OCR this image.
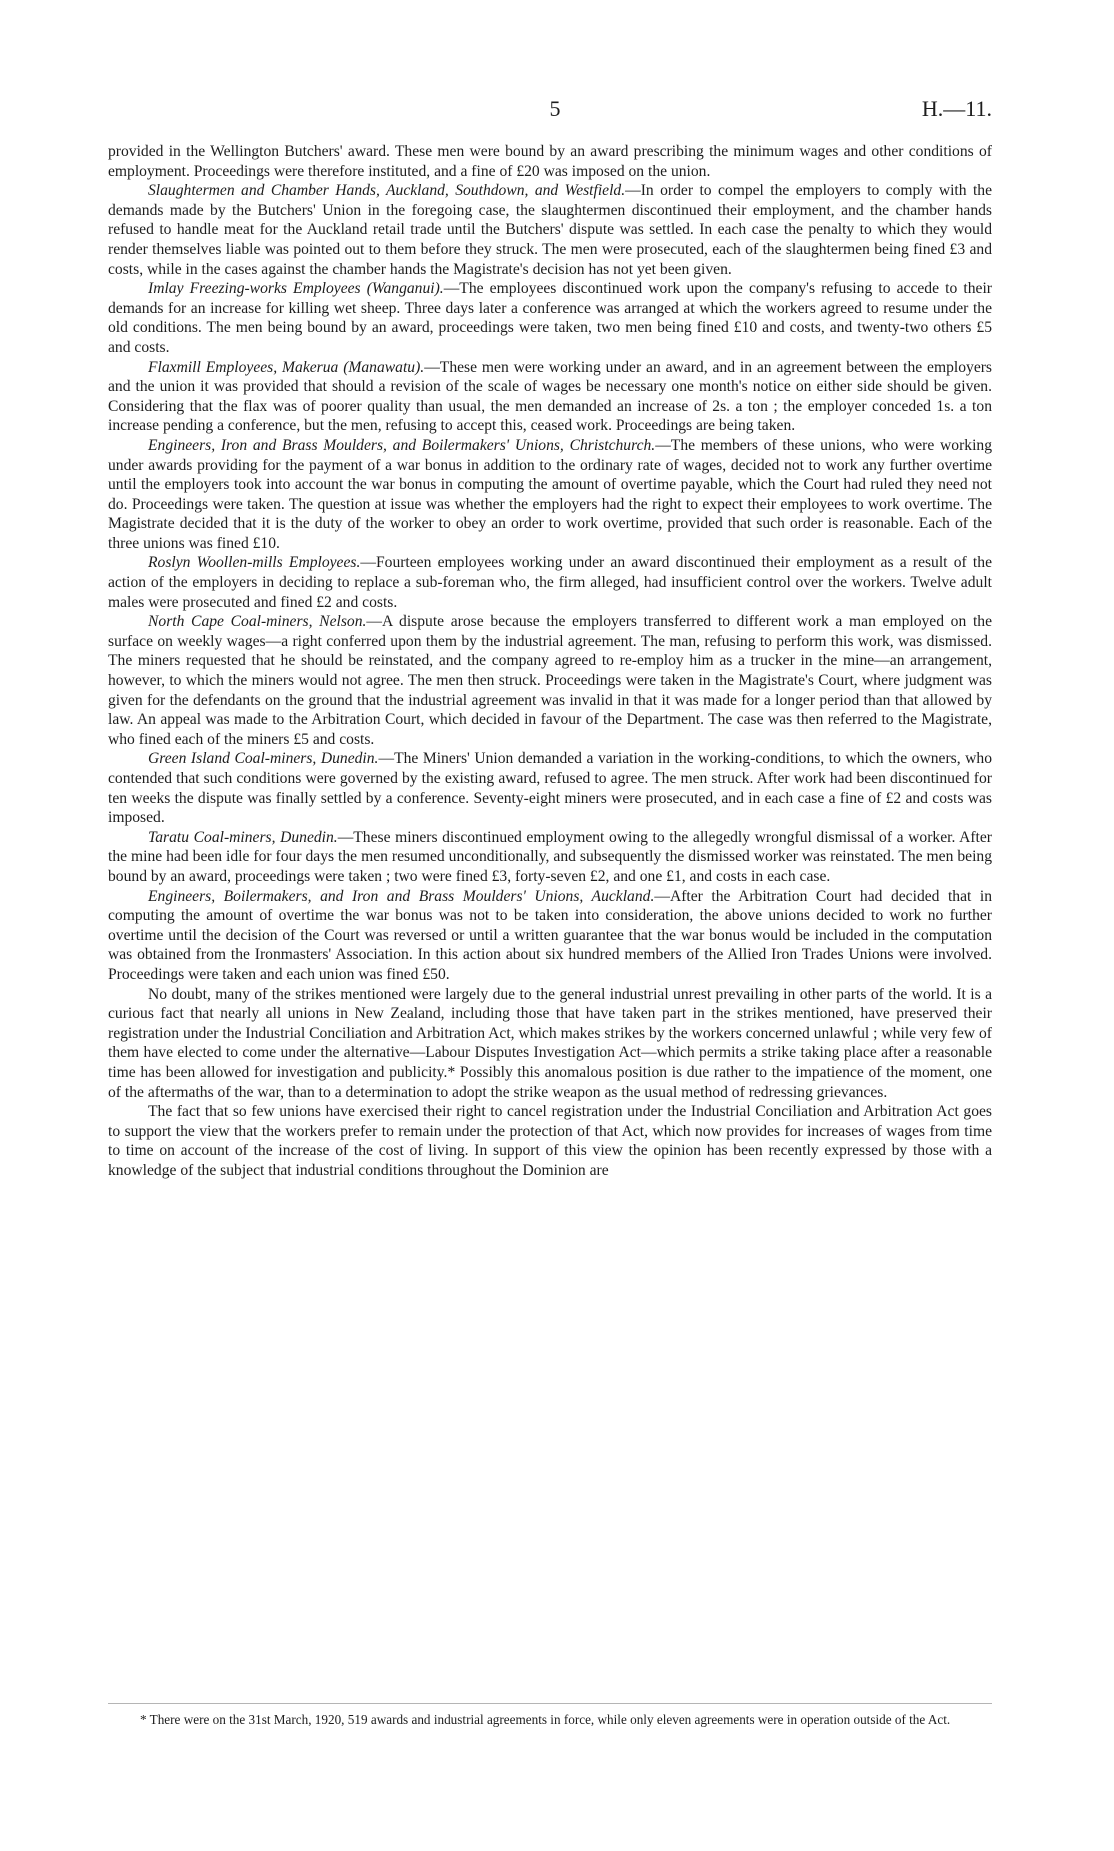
5	H.—11.

provided in the Wellington Butchers' award. These men were bound by an award prescribing the minimum wages and other conditions of employment. Proceedings were therefore instituted, and a fine of £20 was imposed on the union.

Slaughtermen and Chamber Hands, Auckland, Southdown, and Westfield.—In order to compel the employers to comply with the demands made by the Butchers' Union in the foregoing case, the slaughtermen discontinued their employment, and the chamber hands refused to handle meat for the Auckland retail trade until the Butchers' dispute was settled. In each case the penalty to which they would render themselves liable was pointed out to them before they struck. The men were prosecuted, each of the slaughtermen being fined £3 and costs, while in the cases against the chamber hands the Magistrate's decision has not yet been given.

Imlay Freezing-works Employees (Wanganui).—The employees discontinued work upon the company's refusing to accede to their demands for an increase for killing wet sheep. Three days later a conference was arranged at which the workers agreed to resume under the old conditions. The men being bound by an award, proceedings were taken, two men being fined £10 and costs, and twenty-two others £5 and costs.

Flaxmill Employees, Makerua (Manawatu).—These men were working under an award, and in an agreement between the employers and the union it was provided that should a revision of the scale of wages be necessary one month's notice on either side should be given. Considering that the flax was of poorer quality than usual, the men demanded an increase of 2s. a ton ; the employer conceded 1s. a ton increase pending a conference, but the men, refusing to accept this, ceased work. Proceedings are being taken.

Engineers, Iron and Brass Moulders, and Boilermakers' Unions, Christchurch.—The members of these unions, who were working under awards providing for the payment of a war bonus in addition to the ordinary rate of wages, decided not to work any further overtime until the employers took into account the war bonus in computing the amount of overtime payable, which the Court had ruled they need not do. Proceedings were taken. The question at issue was whether the employers had the right to expect their employees to work overtime. The Magistrate decided that it is the duty of the worker to obey an order to work overtime, provided that such order is reasonable. Each of the three unions was fined £10.

Roslyn Woollen-mills Employees.—Fourteen employees working under an award discontinued their employment as a result of the action of the employers in deciding to replace a sub-foreman who, the firm alleged, had insufficient control over the workers. Twelve adult males were prosecuted and fined £2 and costs.

North Cape Coal-miners, Nelson.—A dispute arose because the employers transferred to different work a man employed on the surface on weekly wages—a right conferred upon them by the industrial agreement. The man, refusing to perform this work, was dismissed. The miners requested that he should be reinstated, and the company agreed to re-employ him as a trucker in the mine—an arrangement, however, to which the miners would not agree. The men then struck. Proceedings were taken in the Magistrate's Court, where judgment was given for the defendants on the ground that the industrial agreement was invalid in that it was made for a longer period than that allowed by law. An appeal was made to the Arbitration Court, which decided in favour of the Department. The case was then referred to the Magistrate, who fined each of the miners £5 and costs.

Green Island Coal-miners, Dunedin.—The Miners' Union demanded a variation in the working-conditions, to which the owners, who contended that such conditions were governed by the existing award, refused to agree. The men struck. After work had been discontinued for ten weeks the dispute was finally settled by a conference. Seventy-eight miners were prosecuted, and in each case a fine of £2 and costs was imposed.

Taratu Coal-miners, Dunedin.—These miners discontinued employment owing to the allegedly wrongful dismissal of a worker. After the mine had been idle for four days the men resumed unconditionally, and subsequently the dismissed worker was reinstated. The men being bound by an award, proceedings were taken ; two were fined £3, forty-seven £2, and one £1, and costs in each case.

Engineers, Boilermakers, and Iron and Brass Moulders' Unions, Auckland.—After the Arbitration Court had decided that in computing the amount of overtime the war bonus was not to be taken into consideration, the above unions decided to work no further overtime until the decision of the Court was reversed or until a written guarantee that the war bonus would be included in the computation was obtained from the Ironmasters' Association. In this action about six hundred members of the Allied Iron Trades Unions were involved. Proceedings were taken and each union was fined £50.

No doubt, many of the strikes mentioned were largely due to the general industrial unrest prevailing in other parts of the world. It is a curious fact that nearly all unions in New Zealand, including those that have taken part in the strikes mentioned, have preserved their registration under the Industrial Conciliation and Arbitration Act, which makes strikes by the workers concerned unlawful ; while very few of them have elected to come under the alternative—Labour Disputes Investigation Act—which permits a strike taking place after a reasonable time has been allowed for investigation and publicity.* Possibly this anomalous position is due rather to the impatience of the moment, one of the aftermaths of the war, than to a determination to adopt the strike weapon as the usual method of redressing grievances.

The fact that so few unions have exercised their right to cancel registration under the Industrial Conciliation and Arbitration Act goes to support the view that the workers prefer to remain under the protection of that Act, which now provides for increases of wages from time to time on account of the increase of the cost of living. In support of this view the opinion has been recently expressed by those with a knowledge of the subject that industrial conditions throughout the Dominion are

* There were on the 31st March, 1920, 519 awards and industrial agreements in force, while only eleven agreements were in operation outside of the Act.
